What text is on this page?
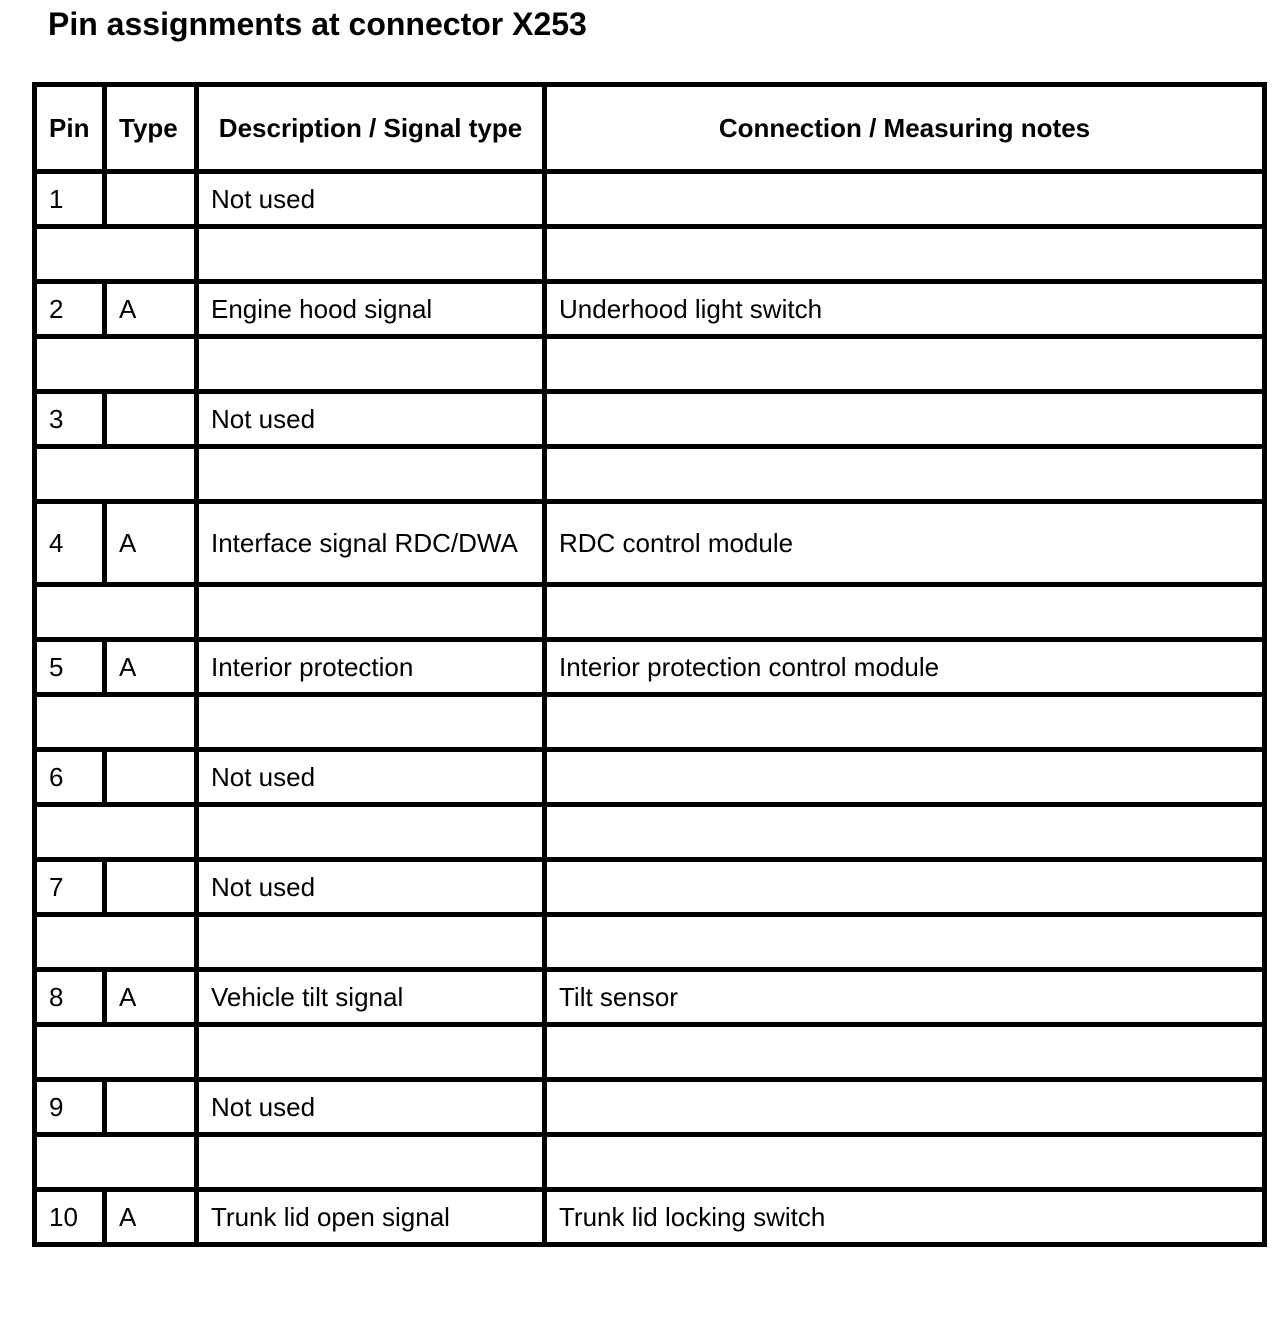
Pin assignments at connector X253
Pin	Type	Description / Signal type	Connection / Measuring notes
1		Not used	

2	A	Engine hood signal	Underhood light switch

3		Not used	

4	A	Interface signal RDC/DWA	RDC control module

5	A	Interior protection	Interior protection control module

6		Not used	

7		Not used	

8	A	Vehicle tilt signal	Tilt sensor

9		Not used	

10	A	Trunk lid open signal	Trunk lid locking switch
